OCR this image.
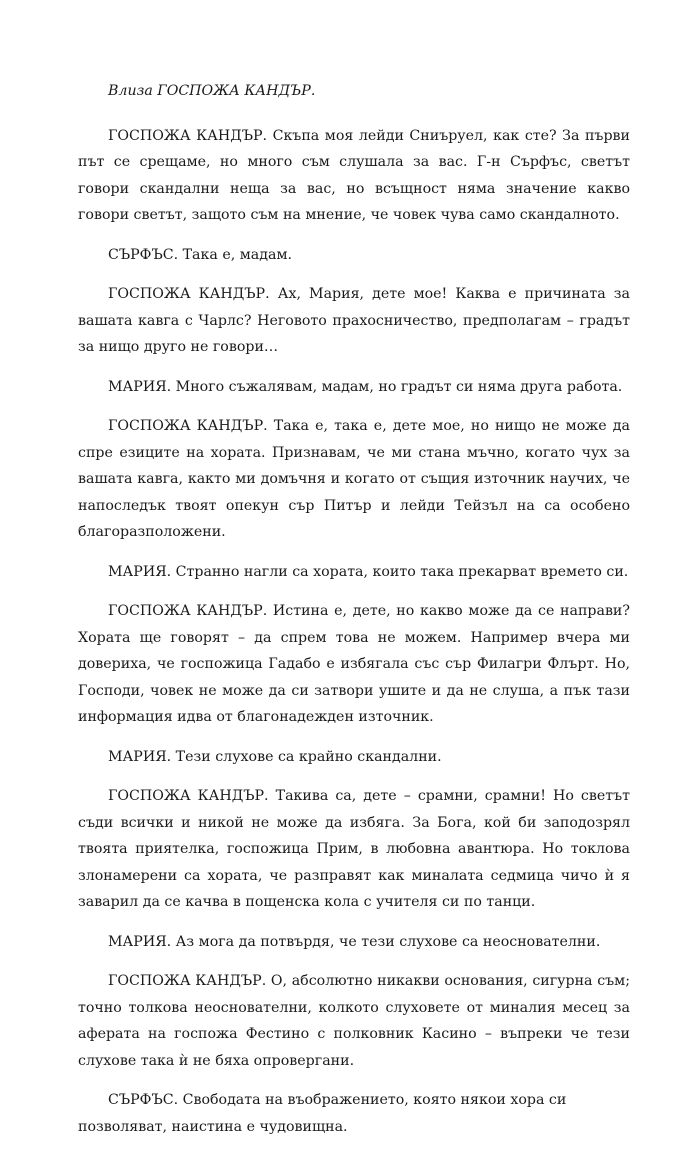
Влиза ГОСПОЖА КАНДЪР.

ГОСПОЖА КАНДЪР. Скъпа моя лейди Сниъруел, как сте? За първи път се срещаме, но много съм слушала за вас. Г-н Сърфъс, светът говори скандални неща за вас, но всъщност няма значение какво говори светът, защото съм на мнение, че човек чува само скандалното.

СЪРФЪС. Така е, мадам.

ГОСПОЖА КАНДЪР. Ах, Мария, дете мое! Каква е причината за вашата кавга с Чарлс? Неговото прахосничество, предполагам – градът за нищо друго не говори…

МАРИЯ. Много съжалявам, мадам, но градът си няма друга работа.

ГОСПОЖА КАНДЪР. Така е, така е, дете мое, но нищо не може да спре езиците на хората. Признавам, че ми стана мъчно, когато чух за вашата кавга, както ми домъчня и когато от същия източник научих, че напоследък твоят опекун сър Питър и лейди Тейзъл на са особено благоразположени.

МАРИЯ. Странно нагли са хората, които така прекарват времето си.

ГОСПОЖА КАНДЪР. Истина е, дете, но какво може да се направи? Хората ще говорят – да спрем това не можем. Например вчера ми довериха, че госпожица Гадабо е избягала със сър Филагри Флърт. Но, Господи, човек не може да си затвори ушите и да не слуша, а пък тази информация идва от благонадежден източник.

МАРИЯ. Тези слухове са крайно скандални.

ГОСПОЖА КАНДЪР. Такива са, дете – срамни, срамни! Но светът съди всички и никой не може да избяга. За Бога, кой би заподозрял твоята приятелка, госпожица Прим, в любовна авантюра. Но токлова злонамерени са хората, че разправят как миналата седмица чичо ѝ я заварил да се качва в пощенска кола с учителя си по танци.

МАРИЯ. Аз мога да потвърдя, че тези слухове са неоснователни.

ГОСПОЖА КАНДЪР. О, абсолютно никакви основания, сигурна съм; точно толкова неоснователни, колкото слуховете от миналия месец за аферата на госпожа Фестино с полковник Касино – въпреки че тези слухове така ѝ не бяха опровергани.

СЪРФЪС. Свободата на въображението, която някои хора си позволяват, наистина е чудовищна.
